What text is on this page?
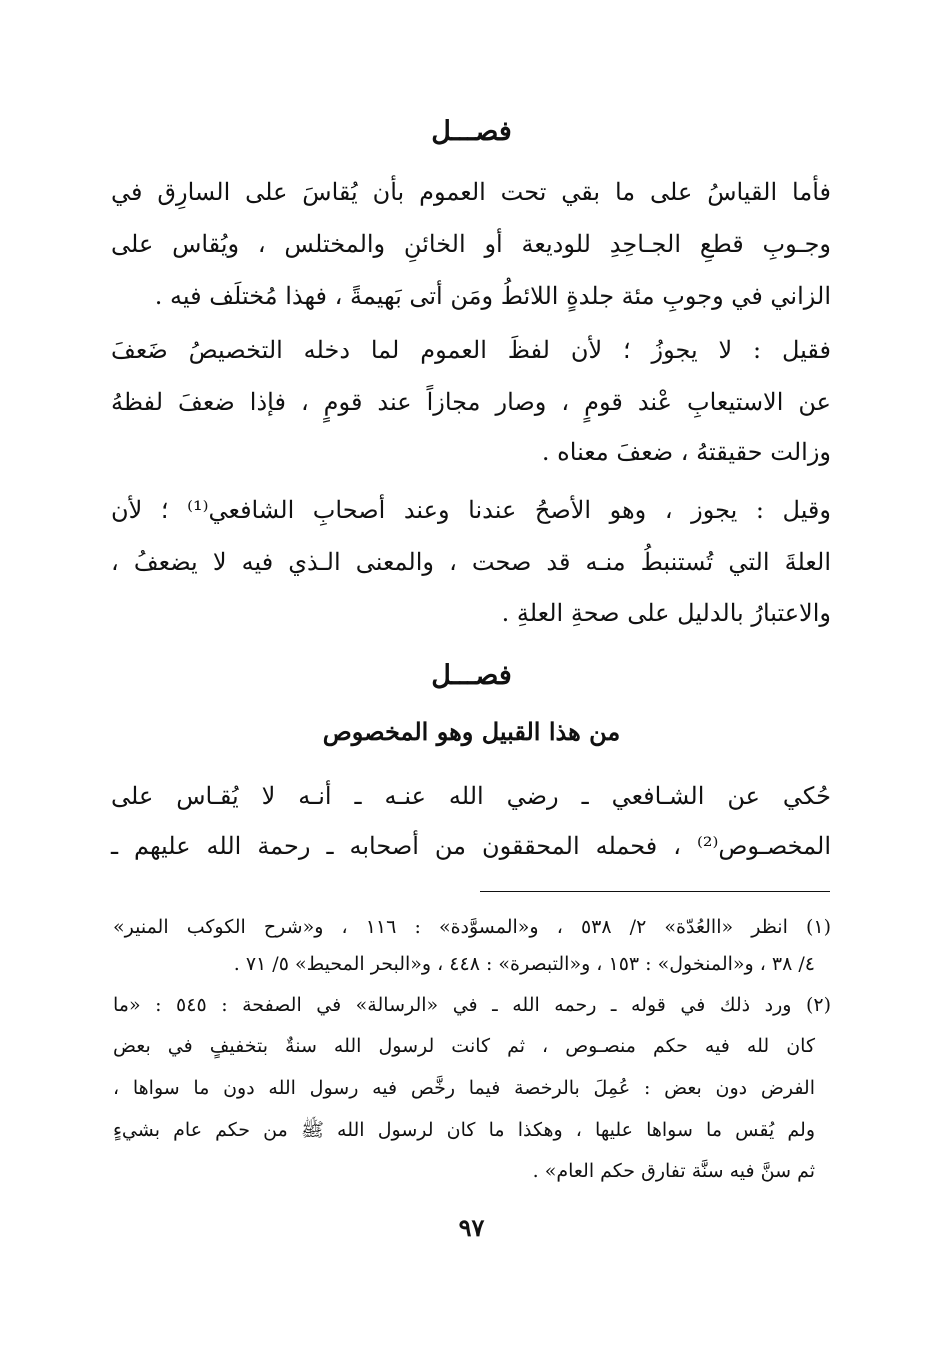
فصـــل
فأما القياسُ على ما بقي تحت العموم بأن يُقاسَ على السارِق في
وجـوبِ قطعِ الجـاحِدِ للوديعة أو الخائنِ والمختلس ، ويُقاس على
الزاني في وجوبِ مئة جلدةٍ اللائطُ ومَن أتى بَهيمةً ، فهذا مُختلَف فيه .
فقيل : لا يجوزُ ؛ لأن لفظَ العموم لما دخله التخصيصُ ضَعفَ
عن الاستيعابِ عْند قومٍ ، وصار مجازاً عند قومٍ ، فإذا ضعفَ لفظهُ
وزالت حقيقتهُ ، ضعفَ معناه .
وقيل : يجوز ، وهو الأصحُ عندنا وعند أصحابِ الشافعي⁽¹⁾ ؛ لأن
العلةَ التي تُستنبطُ منـه قد صحت ، والمعنى الـذي فيه لا يضعفُ ،
والاعتبارُ بالدليل على صحةِ العلةِ .
فصـــل
من هذا القبيل وهو المخصوص
حُكي عن الشـافعي ـ رضي الله عنـه ـ أنـه لا يُقـاس على
المخصـوص⁽²⁾ ، فحمله المحققون من أصحابه ـ رحمة الله عليهم ـ
(١) انظر «االعُدّة» ٢/ ٥٣٨ ، و«المسوَّدة» : ١١٦ ، و«شرح الكوكب المنير»
٤/ ٣٨ ، و«المنخول» : ١٥٣ ، و«التبصرة» : ٤٤٨ ، و«البحر المحيط» ٥/ ٧١ .
(٢) ورد ذلك في قوله ـ رحمه الله ـ في «الرسالة» في الصفحة : ٥٤٥ : «ما
كان لله فيه حكم منصـوص ، ثم كانت لرسول الله سنةٌ بتخفيفٍ في بعض
الفرض دون بعض : عُمِلَ بالرخصة فيما رخَّص فيه رسول الله دون ما سواها ،
ولم يُقس ما سواها عليها ، وهكذا ما كان لرسول الله ﷺ من حكم عام بشيءٍ
ثم سنَّ فيه سنَّة تفارق حكم العام» .
٩٧
